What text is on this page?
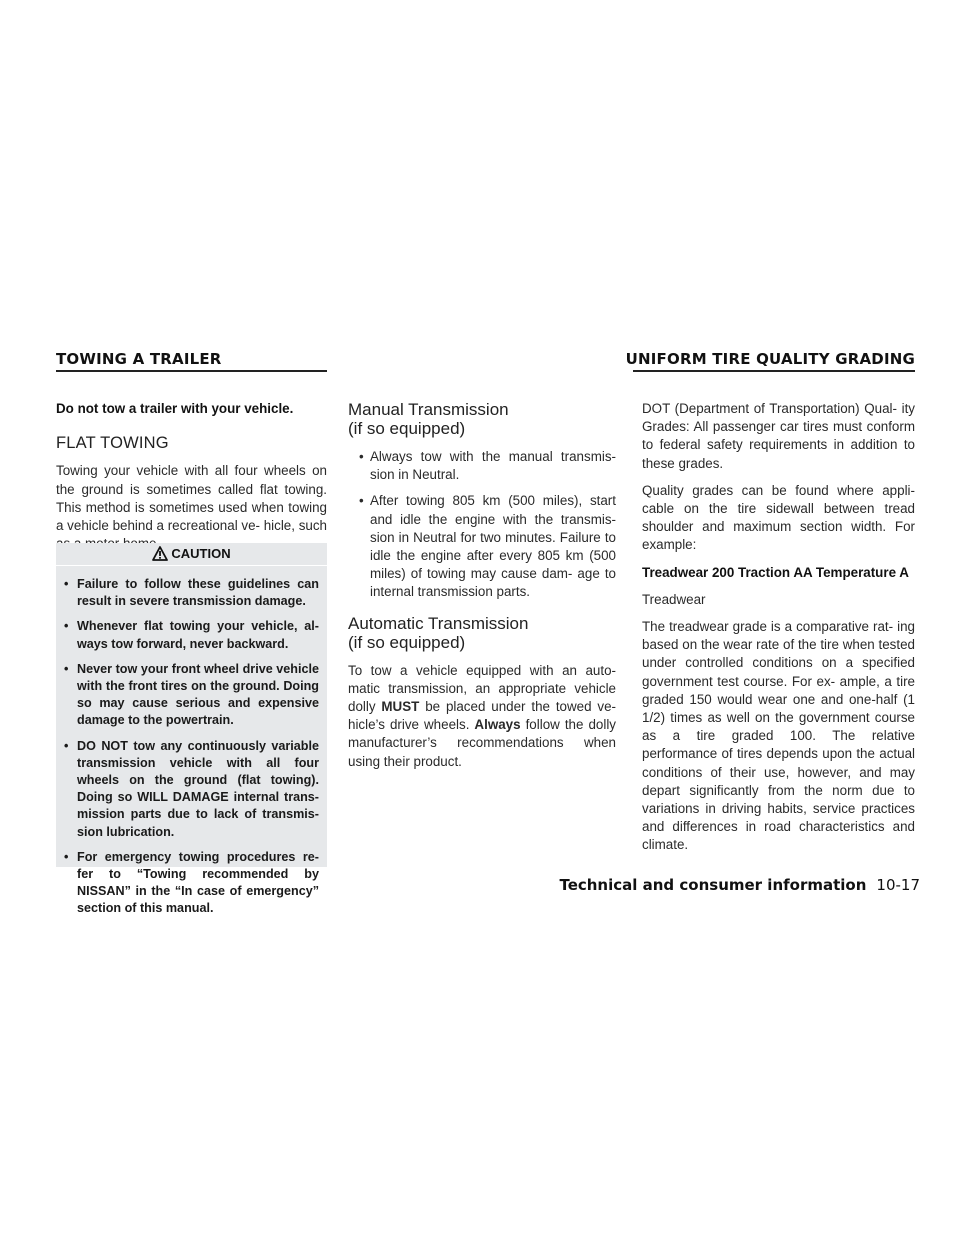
TOWING A TRAILER	UNIFORM TIRE QUALITY GRADING

Do not tow a trailer with your vehicle.

FLAT TOWING

Towing your vehicle with all four wheels on the ground is sometimes called flat towing. This method is sometimes used when towing a vehicle behind a recreational ve- hicle, such

CAUTION
• Failure to follow these guidelines can result in severe transmission damage.
• Whenever flat towing your vehicle, al- ways tow forward, never backward.
• Never tow your front wheel drive vehicle with the front tires on the ground. Doing so may cause serious and expensive damage to the powertrain.
• DO NOT tow any continuously variable transmission vehicle with all four wheels on the ground (flat towing). Doing so WILL DAMAGE internal trans- mission parts due to lack of transmis- sion lubrication.
• For emergency towing procedures re- fer to “Towing recommended by NISSAN” in the “In case of emergency” section of this manual.
Manual Transmission
(if so equipped)
• Always tow with the manual transmis- sion in Neutral.
• After towing 805 km (500 miles), start and idle the engine with the transmis- sion in Neutral for two minutes. Failure to idle the engine after every 805 km (500 miles) of towing may cause dam- age to internal transmission parts.
Automatic Transmission
(if so equipped)

To tow a vehicle equipped with an auto- matic transmission, an appropriate vehicle dolly MUST be placed under the towed ve- hicle’s drive wheels. Always follow the dolly manufacturer’s recommendations when using their product.

DOT (Department of Transportation) Qual- ity Grades: All passenger car tires must conform to federal safety requirements in addition to these grades.

Quality grades can be found where appli- cable on the tire sidewall between tread shoulder and maximum section width. For example:

Treadwear 200 Traction AA Temperature A

Treadwear

The treadwear grade is a comparative rat- ing based on the wear rate of the tire when tested under controlled conditions on a specified government test course. For ex- ample, a tire graded 150 would wear one and one-half (1 1/2) times as well on the government course as a tire graded 100. The relative performance of tires depends upon the actual conditions of their use, however, and may depart significantly from the norm due to variations in driving habits, service practices and differences in road characteristics and climate.

Technical and consumer information 10-17
